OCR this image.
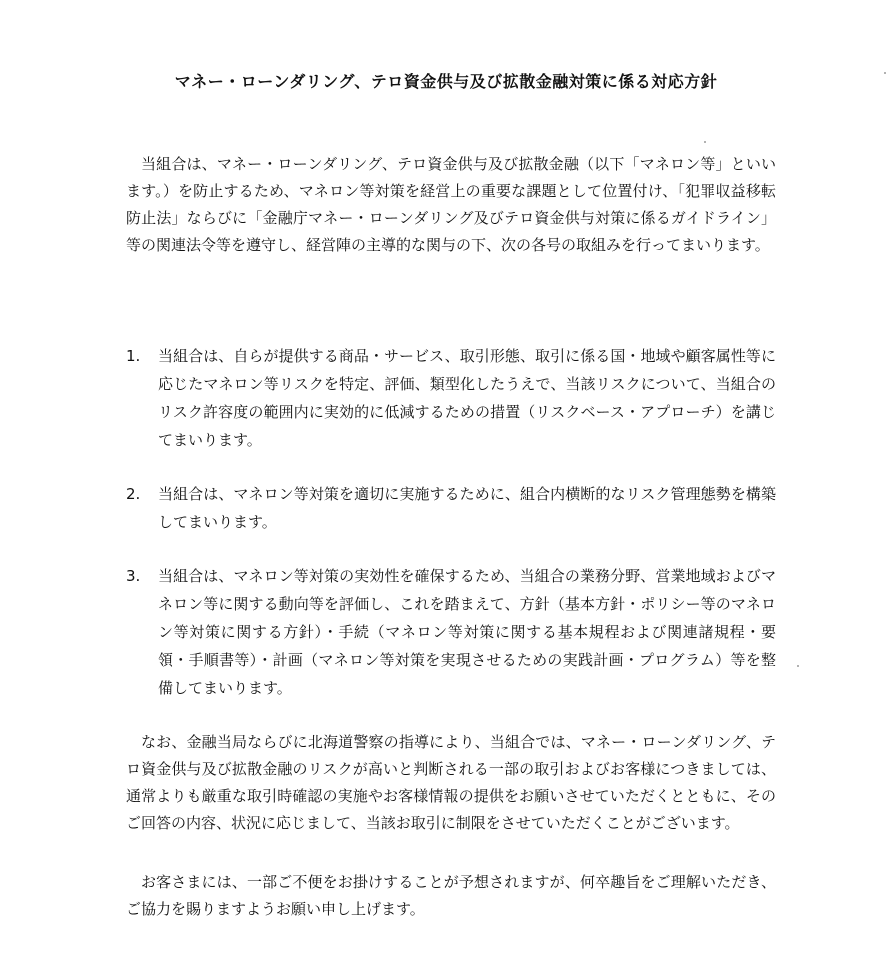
マネー・ローンダリング、テロ資金供与及び拡散金融対策に係る対応方針

当組合は、マネー・ローンダリング、テロ資金供与及び拡散金融（以下「マネロン等」といいます。）を防止するため、マネロン等対策を経営上の重要な課題として位置付け、「犯罪収益移転防止法」ならびに「金融庁マネー・ローンダリング及びテロ資金供与対策に係るガイドライン」等の関連法令等を遵守し、経営陣の主導的な関与の下、次の各号の取組みを行ってまいります。

1.	当組合は、自らが提供する商品・サービス、取引形態、取引に係る国・地域や顧客属性等に応じたマネロン等リスクを特定、評価、類型化したうえで、当該リスクについて、当組合のリスク許容度の範囲内に実効的に低減するための措置（リスクベース・アプローチ）を講じてまいります。
2.	当組合は、マネロン等対策を適切に実施するために、組合内横断的なリスク管理態勢を構築してまいります。
3.	当組合は、マネロン等対策の実効性を確保するため、当組合の業務分野、営業地域およびマネロン等に関する動向等を評価し、これを踏まえて、方針（基本方針・ポリシー等のマネロン等対策に関する方針）・手続（マネロン等対策に関する基本規程および関連諸規程・要領・手順書等）・計画（マネロン等対策を実現させるための実践計画・プログラム）等を整備してまいります。

なお、金融当局ならびに北海道警察の指導により、当組合では、マネー・ローンダリング、テロ資金供与及び拡散金融のリスクが高いと判断される一部の取引およびお客様につきましては、通常よりも厳重な取引時確認の実施やお客様情報の提供をお願いさせていただくとともに、そのご回答の内容、状況に応じまして、当該お取引に制限をさせていただくことがございます。

お客さまには、一部ご不便をお掛けすることが予想されますが、何卒趣旨をご理解いただき、ご協力を賜りますようお願い申し上げます。
